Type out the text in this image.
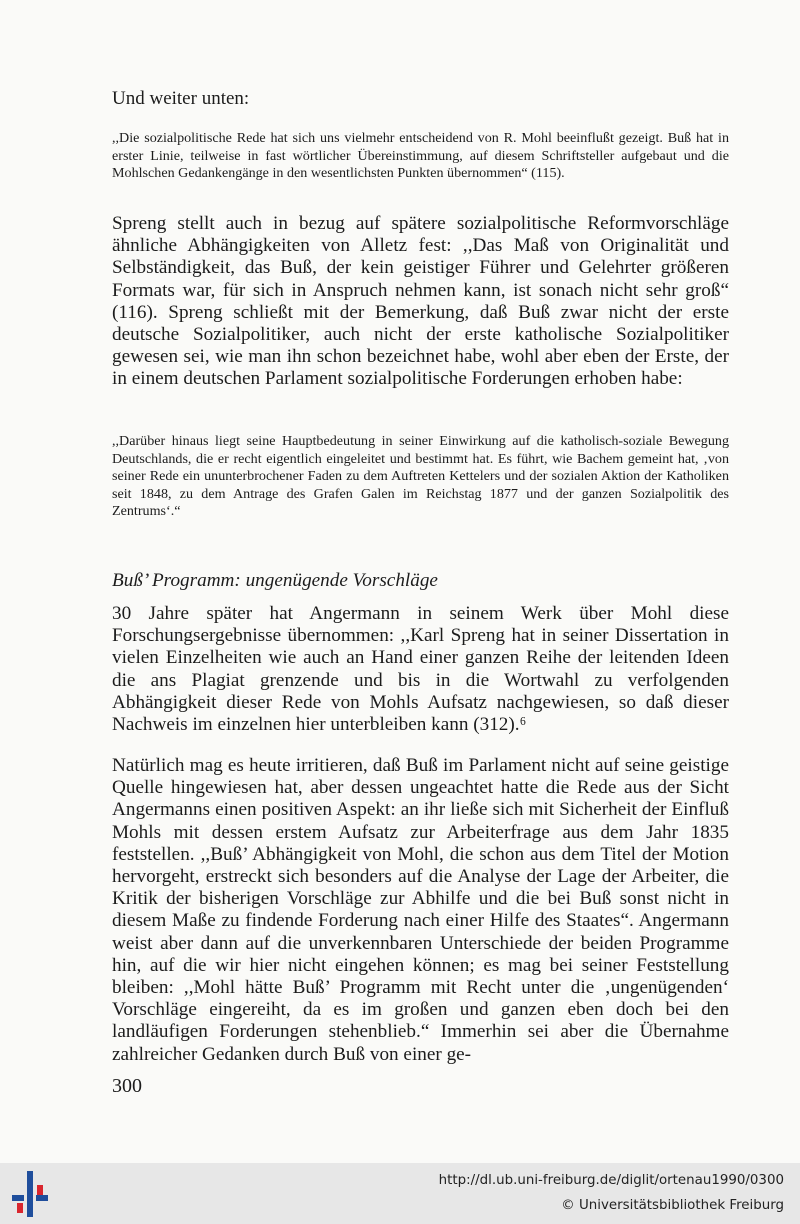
Und weiter unten:

,,Die sozialpolitische Rede hat sich uns vielmehr entscheidend von R. Mohl beeinflußt gezeigt. Buß hat in erster Linie, teilweise in fast wörtlicher Übereinstimmung, auf diesem Schriftsteller aufgebaut und die Mohlschen Gedankengänge in den wesentlichsten Punkten übernommen“ (115).

Spreng stellt auch in bezug auf spätere sozialpolitische Reformvorschläge ähnliche Abhängigkeiten von Alletz fest: ,,Das Maß von Originalität und Selbständigkeit, das Buß, der kein geistiger Führer und Gelehrter größeren Formats war, für sich in Anspruch nehmen kann, ist sonach nicht sehr groß“ (116). Spreng schließt mit der Bemerkung, daß Buß zwar nicht der erste deutsche Sozialpolitiker, auch nicht der erste katholische Sozialpolitiker gewesen sei, wie man ihn schon bezeichnet habe, wohl aber eben der Erste, der in einem deutschen Parlament sozialpolitische Forderungen erhoben habe:

,,Darüber hinaus liegt seine Hauptbedeutung in seiner Einwirkung auf die katholisch-soziale Bewegung Deutschlands, die er recht eigentlich eingeleitet und bestimmt hat. Es führt, wie Bachem gemeint hat, ‚von seiner Rede ein ununterbrochener Faden zu dem Auftreten Kettelers und der sozialen Aktion der Katholiken seit 1848, zu dem Antrage des Grafen Galen im Reichstag 1877 und der ganzen Sozialpolitik des Zentrums‘.“

Buß’ Programm: ungenügende Vorschläge

30 Jahre später hat Angermann in seinem Werk über Mohl diese Forschungsergebnisse übernommen: ,,Karl Spreng hat in seiner Dissertation in vielen Einzelheiten wie auch an Hand einer ganzen Reihe der leitenden Ideen die ans Plagiat grenzende und bis in die Wortwahl zu verfolgenden Abhängigkeit dieser Rede von Mohls Aufsatz nachgewiesen, so daß dieser Nachweis im einzelnen hier unterbleiben kann (312).⁶

Natürlich mag es heute irritieren, daß Buß im Parlament nicht auf seine geistige Quelle hingewiesen hat, aber dessen ungeachtet hatte die Rede aus der Sicht Angermanns einen positiven Aspekt: an ihr ließe sich mit Sicherheit der Einfluß Mohls mit dessen erstem Aufsatz zur Arbeiterfrage aus dem Jahr 1835 feststellen. ,,Buß’ Abhängigkeit von Mohl, die schon aus dem Titel der Motion hervorgeht, erstreckt sich besonders auf die Analyse der Lage der Arbeiter, die Kritik der bisherigen Vorschläge zur Abhilfe und die bei Buß sonst nicht in diesem Maße zu findende Forderung nach einer Hilfe des Staates“. Angermann weist aber dann auf die unverkennbaren Unterschiede der beiden Programme hin, auf die wir hier nicht eingehen können; es mag bei seiner Feststellung bleiben: ,,Mohl hätte Buß’ Programm mit Recht unter die ‚ungenügenden‘ Vorschläge eingereiht, da es im großen und ganzen eben doch bei den landläufigen Forderungen stehenblieb.“ Immerhin sei aber die Übernahme zahlreicher Gedanken durch Buß von einer ge-

300
http://dl.ub.uni-freiburg.de/diglit/ortenau1990/0300
© Universitätsbibliothek Freiburg
